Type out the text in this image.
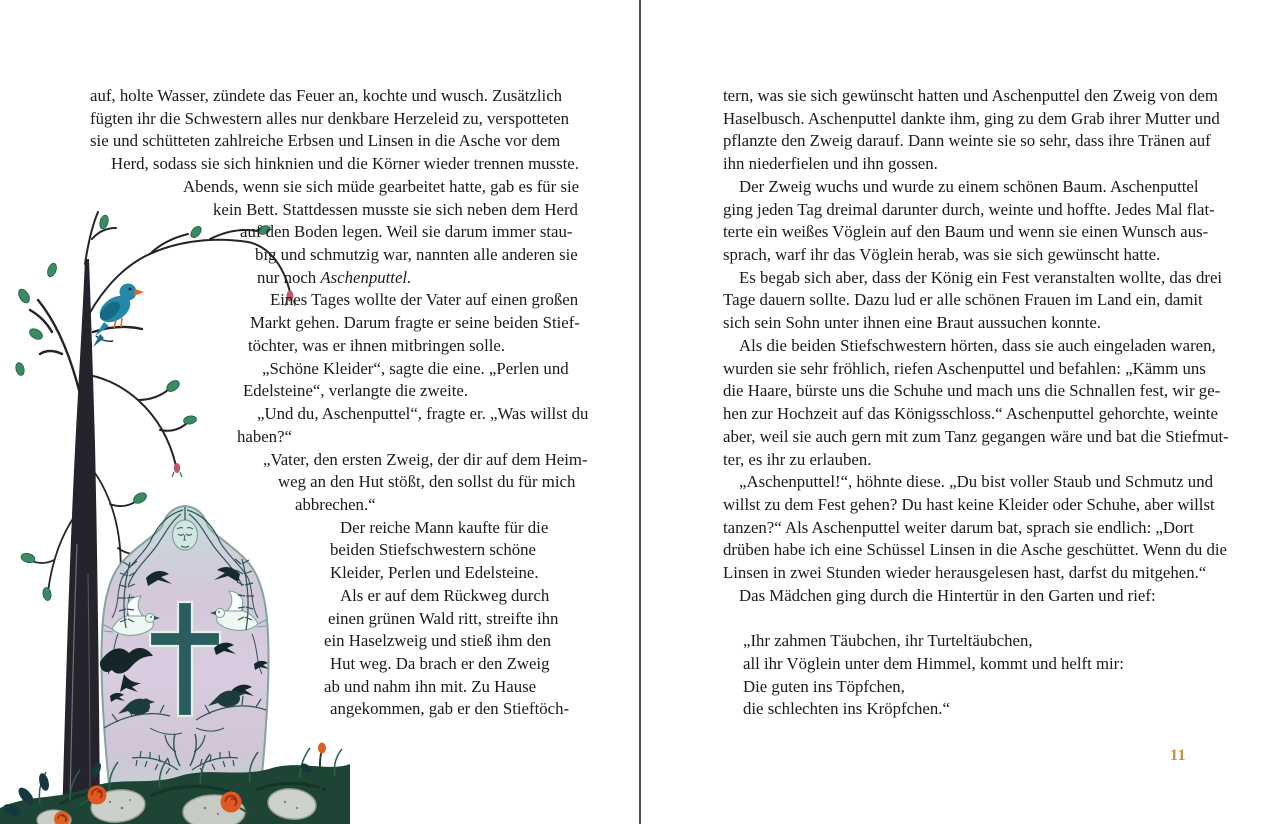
auf, holte Wasser, zündete das Feuer an, kochte und wusch. Zusätzlich
fügten ihr die Schwestern alles nur denkbare Herzeleid zu, verspotteten
sie und schütteten zahlreiche Erbsen und Linsen in die Asche vor dem
Herd, sodass sie sich hinknien und die Körner wieder trennen musste.
Abends, wenn sie sich müde gearbeitet hatte, gab es für sie
kein Bett. Stattdessen musste sie sich neben dem Herd
auf den Boden legen. Weil sie darum immer stau-
big und schmutzig war, nannten alle anderen sie
nur noch Aschenputtel.
Eines Tages wollte der Vater auf einen großen
Markt gehen. Darum fragte er seine beiden Stief-
töchter, was er ihnen mitbringen solle.
„Schöne Kleider“, sagte die eine. „Perlen und
Edelsteine“, verlangte die zweite.
„Und du, Aschenputtel“, fragte er. „Was willst du
haben?“
„Vater, den ersten Zweig, der dir auf dem Heim-
weg an den Hut stößt, den sollst du für mich
abbrechen.“
Der reiche Mann kaufte für die
beiden Stiefschwestern schöne
Kleider, Perlen und Edelsteine.
Als er auf dem Rückweg durch
einen grünen Wald ritt, streifte ihn
ein Haselzweig und stieß ihm den
Hut weg. Da brach er den Zweig
ab und nahm ihn mit. Zu Hause
angekommen, gab er den Stieftöch-
tern, was sie sich gewünscht hatten und Aschenputtel den Zweig von dem
Haselbusch. Aschenputtel dankte ihm, ging zu dem Grab ihrer Mutter und
pflanzte den Zweig darauf. Dann weinte sie so sehr, dass ihre Tränen auf
ihn niederfielen und ihn gossen.
Der Zweig wuchs und wurde zu einem schönen Baum. Aschenputtel
ging jeden Tag dreimal darunter durch, weinte und hoffte. Jedes Mal flat-
terte ein weißes Vöglein auf den Baum und wenn sie einen Wunsch aus-
sprach, warf ihr das Vöglein herab, was sie sich gewünscht hatte.
Es begab sich aber, dass der König ein Fest veranstalten wollte, das drei
Tage dauern sollte. Dazu lud er alle schönen Frauen im Land ein, damit
sich sein Sohn unter ihnen eine Braut aussuchen konnte.
Als die beiden Stiefschwestern hörten, dass sie auch eingeladen waren,
wurden sie sehr fröhlich, riefen Aschenputtel und befahlen: „Kämm uns
die Haare, bürste uns die Schuhe und mach uns die Schnallen fest, wir ge-
hen zur Hochzeit auf das Königsschloss.“ Aschenputtel gehorchte, weinte
aber, weil sie auch gern mit zum Tanz gegangen wäre und bat die Stiefmut-
ter, es ihr zu erlauben.
„Aschenputtel!“, höhnte diese. „Du bist voller Staub und Schmutz und
willst zu dem Fest gehen? Du hast keine Kleider oder Schuhe, aber willst
tanzen?“ Als Aschenputtel weiter darum bat, sprach sie endlich: „Dort
drüben habe ich eine Schüssel Linsen in die Asche geschüttet. Wenn du die
Linsen in zwei Stunden wieder herausgelesen hast, darfst du mitgehen.“
Das Mädchen ging durch die Hintertür in den Garten und rief:
„Ihr zahmen Täubchen, ihr Turteltäubchen,
all ihr Vöglein unter dem Himmel, kommt und helft mir:
Die guten ins Töpfchen,
die schlechten ins Kröpfchen.“
11
